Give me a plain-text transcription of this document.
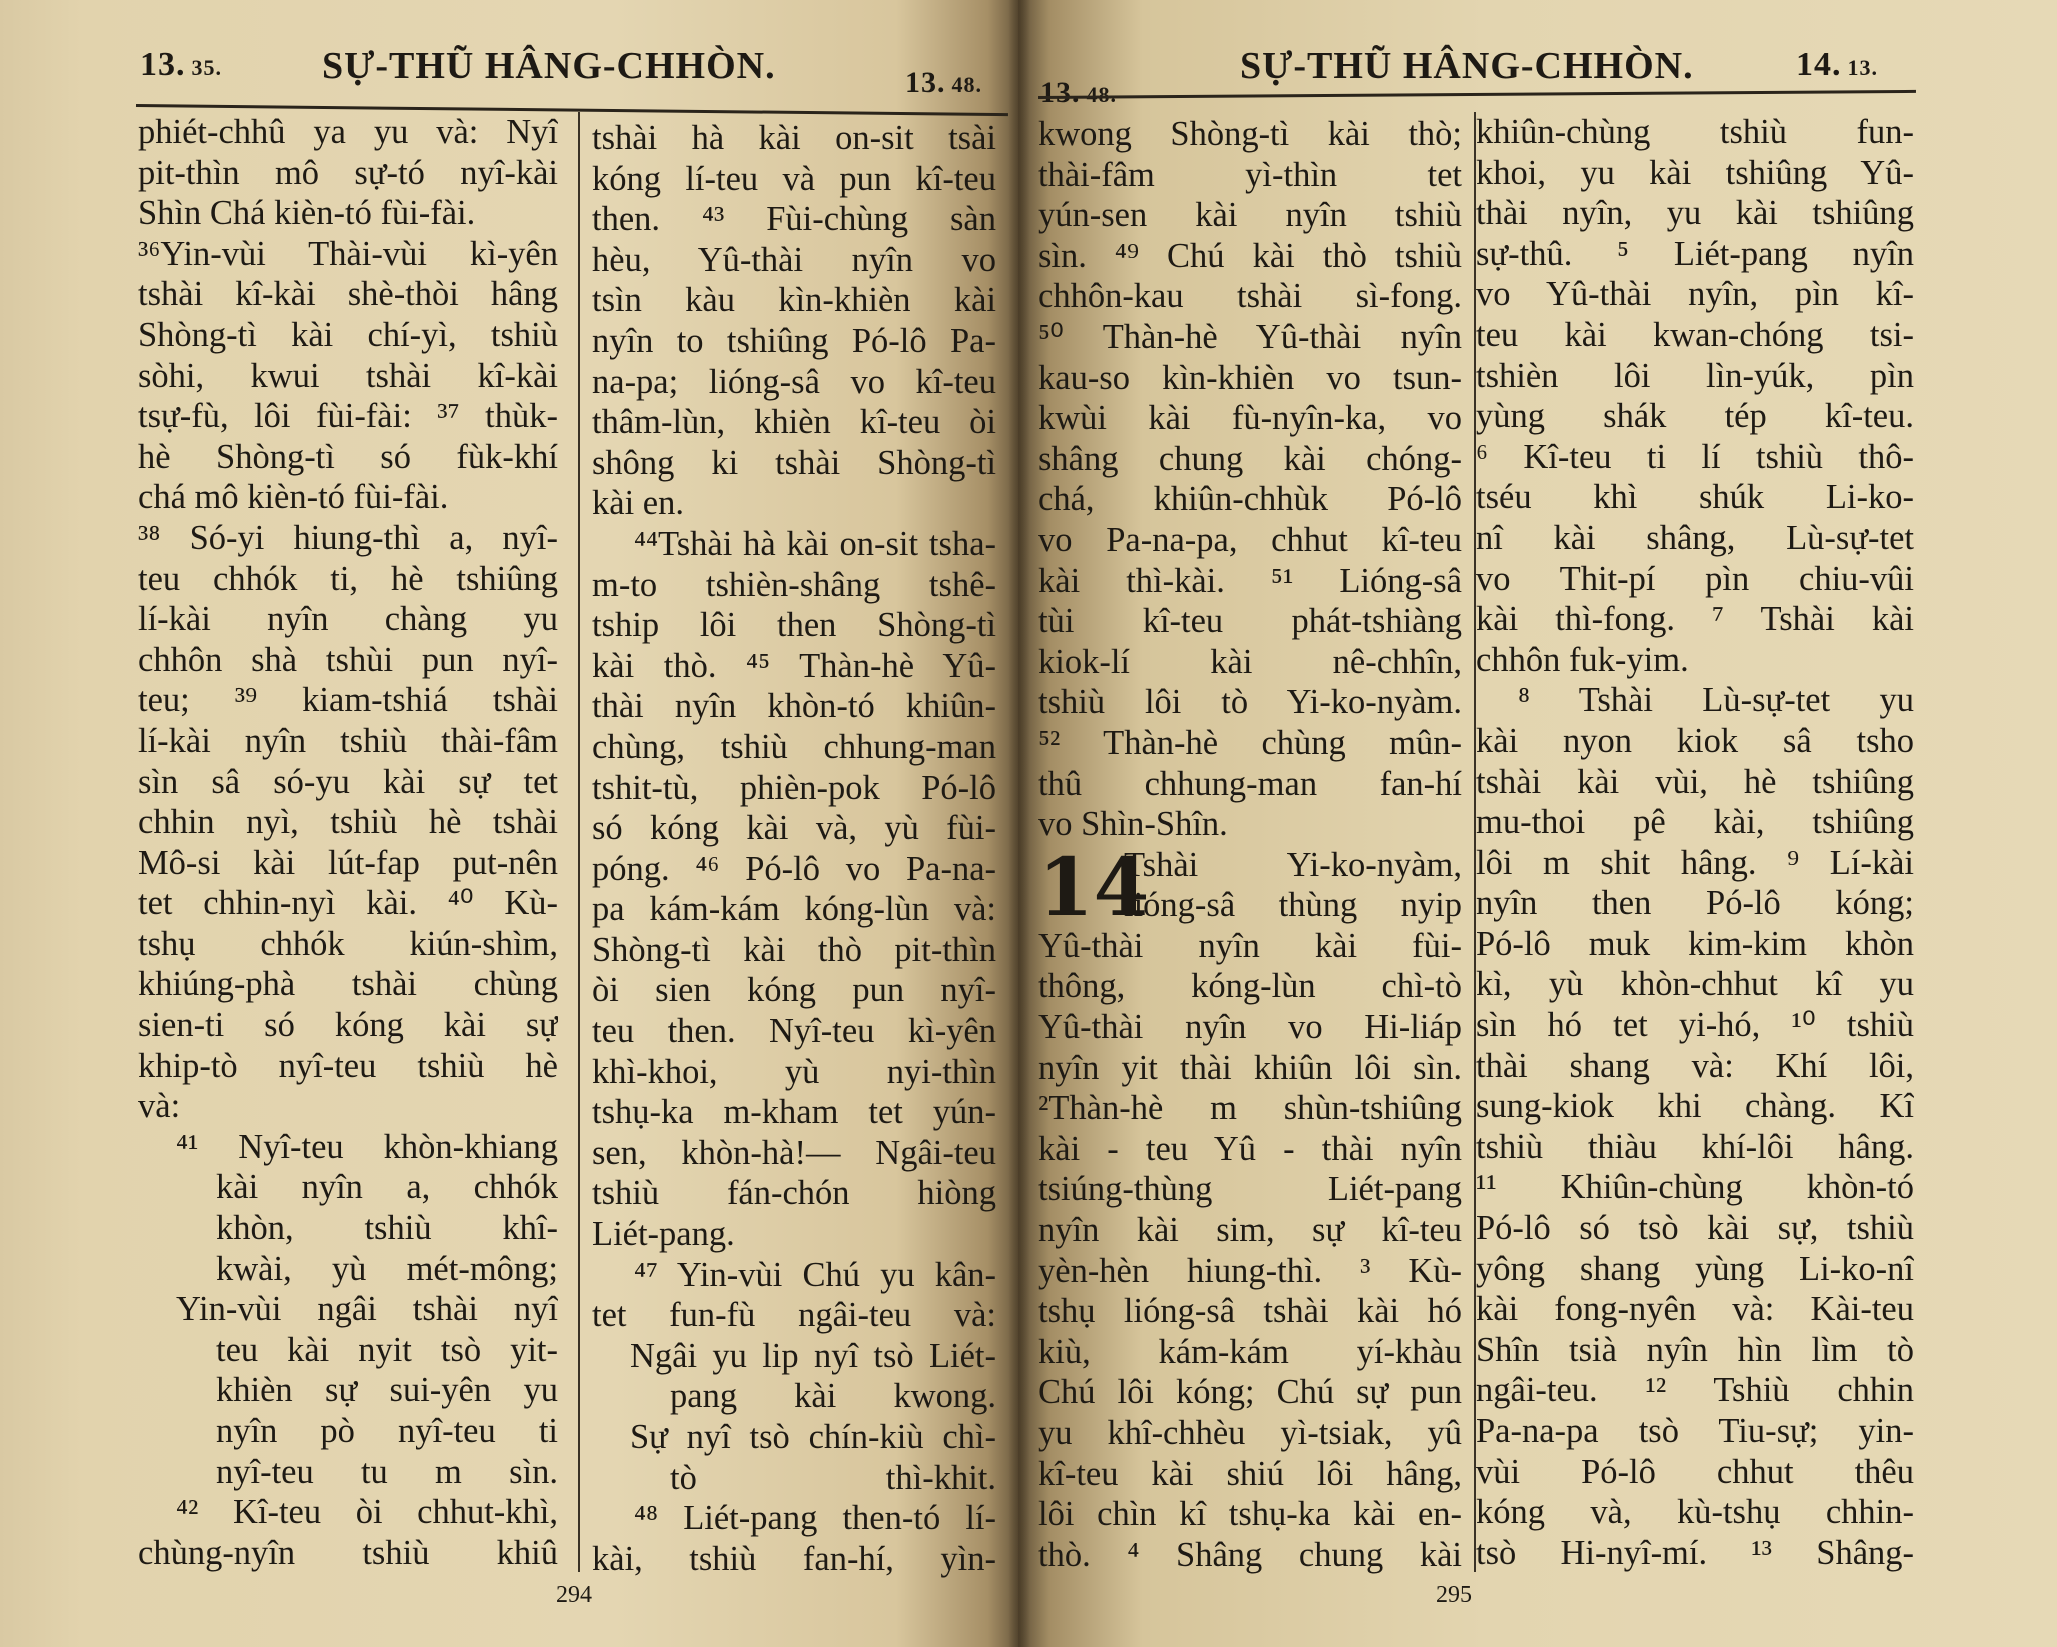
13. 35.	SỰ-THŨ HÂNG-CHHÒN.	13. 48.
phiét-chhû ya yu và: Nyî
pit-thìn mô sự-tó nyî-kài
Shìn Chá kièn-tó fùi-fài.
³⁶Yin-vùi Thài-vùi kì-yên
tshài kî-kài shè-thòi hâng
Shòng-tì kài chí-yì, tshiù
sòhi, kwui tshài kî-kài
tsự-fù, lôi fùi-fài: ³⁷ thùk-
hè Shòng-tì só fùk-khí
chá mô kièn-tó fùi-fài.
³⁸ Só-yi hiung-thì a, nyî-
teu chhók ti, hè tshiûng
lí-kài nyîn chàng yu
chhôn shà tshùi pun nyî-
teu; ³⁹ kiam-tshiá tshài
lí-kài nyîn tshiù thài-fâm
sìn sâ só-yu kài sự tet
chhin nyì, tshiù hè tshài
Mô-si kài lút-fap put-nên
tet chhin-nyì kài. ⁴⁰ Kù-
tshụ chhók kiún-shìm,
khiúng-phà tshài chùng
sien-ti só kóng kài sự
khip-tò nyî-teu tshiù hè
và:
⁴¹ Nyî-teu khòn-khiang
kài nyîn a, chhók
khòn, tshiù khî-
kwài, yù mét-mông;
Yin-vùi ngâi tshài nyî
teu kài nyit tsò yit-
khièn sự sui-yên yu
nyîn pò nyî-teu ti
nyî-teu tu m sìn.
⁴² Kî-teu òi chhut-khì,
chùng-nyîn tshiù khiû
tshài hà kài on-sit tsài
kóng lí-teu và pun kî-teu
then. ⁴³ Fùi-chùng sàn
hèu, Yû-thài nyîn vo
tsìn kàu kìn-khièn kài
nyîn to tshiûng Pó-lô Pa-
na-pa; lióng-sâ vo kî-teu
thâm-lùn, khièn kî-teu òi
shông ki tshài Shòng-tì
kài en.
⁴⁴Tshài hà kài on-sit tsha-
m-to tshièn-shâng tshê-
tship lôi then Shòng-tì
kài thò. ⁴⁵ Thàn-hè Yû-
thài nyîn khòn-tó khiûn-
chùng, tshiù chhung-man
tshit-tù, phièn-pok Pó-lô
só kóng kài và, yù fùi-
póng. ⁴⁶ Pó-lô vo Pa-na-
pa kám-kám kóng-lùn và:
Shòng-tì kài thò pit-thìn
òi sien kóng pun nyî-
teu then. Nyî-teu kì-yên
khì-khoi, yù nyi-thìn
tshụ-ka m-kham tet yún-
sen, khòn-hà!— Ngâi-teu
tshiù fán-chón hiòng
Liét-pang.
⁴⁷ Yin-vùi Chú yu kân-
tet fun-fù ngâi-teu và:
Ngâi yu lip nyî tsò Liét-
pang kài kwong.
Sự nyî tsò chín-kiù chì-
tò thì-khit.
⁴⁸ Liét-pang then-tó lí-
kài, tshiù fan-hí, yìn-
294
13. 48.
SỰ-THŨ HÂNG-CHHÒN.	14. 13.
kwong Shòng-tì kài thò;
thài-fâm yì-thìn tet
yún-sen kài nyîn tshiù
sìn. ⁴⁹ Chú kài thò tshiù
chhôn-kau tshài sì-fong.
⁵⁰ Thàn-hè Yû-thài nyîn
kau-so kìn-khièn vo tsun-
kwùi kài fù-nyîn-ka, vo
shâng chung kài chóng-
chá, khiûn-chhùk Pó-lô
vo Pa-na-pa, chhut kî-teu
kài thì-kài. ⁵¹ Lióng-sâ
tùi kî-teu phát-tshiàng
kiok-lí kài nê-chhîn,
tshiù lôi tò Yi-ko-nyàm.
⁵² Thàn-hè chùng mûn-
thû chhung-man fan-hí
vo Shìn-Shîn.
14
Tshài Yi-ko-nyàm,
lióng-sâ thùng nyip
Yû-thài nyîn kài fùi-
thông, kóng-lùn chì-tò
Yû-thài nyîn vo Hi-liáp
nyîn yit thài khiûn lôi sìn.
²Thàn-hè m shùn-tshiûng
kài - teu Yû - thài nyîn
tsiúng-thùng Liét-pang
nyîn kài sim, sự kî-teu
yèn-hèn hiung-thì. ³ Kù-
tshụ lióng-sâ tshài kài hó
kiù, kám-kám yí-khàu
Chú lôi kóng; Chú sự pun
yu khî-chhèu yì-tsiak, yû
kî-teu kài shiú lôi hâng,
lôi chìn kî tshụ-ka kài en-
thò. ⁴ Shâng chung kài
khiûn-chùng tshiù fun-
khoi, yu kài tshiûng Yû-
thài nyîn, yu kài tshiûng
sự-thû. ⁵ Liét-pang nyîn
vo Yû-thài nyîn, pìn kî-
teu kài kwan-chóng tsi-
tshièn lôi lìn-yúk, pìn
yùng shák tép kî-teu.
⁶ Kî-teu ti lí tshiù thô-
tséu khì shúk Li-ko-
nî kài shâng, Lù-sự-tet
vo Thit-pí pìn chiu-vûi
kài thì-fong. ⁷ Tshài kài
chhôn fuk-yim.
⁸ Tshài Lù-sự-tet yu
kài nyon kiok sâ tsho
tshài kài vùi, hè tshiûng
mu-thoi pê kài, tshiûng
lôi m shit hâng. ⁹ Lí-kài
nyîn then Pó-lô kóng;
Pó-lô muk kim-kim khòn
kì, yù khòn-chhut kî yu
sìn hó tet yi-hó, ¹⁰ tshiù
thài shang và: Khí lôi,
sung-kiok khi chàng. Kî
tshiù thiàu khí-lôi hâng.
¹¹ Khiûn-chùng khòn-tó
Pó-lô só tsò kài sự, tshiù
yông shang yùng Li-ko-nî
kài fong-nyên và: Kài-teu
Shîn tsià nyîn hìn lìm tò
ngâi-teu. ¹² Tshiù chhin
Pa-na-pa tsò Tiu-sự; yin-
vùi Pó-lô chhut thêu
kóng và, kù-tshụ chhin-
tsò Hi-nyî-mí. ¹³ Shâng-
295
